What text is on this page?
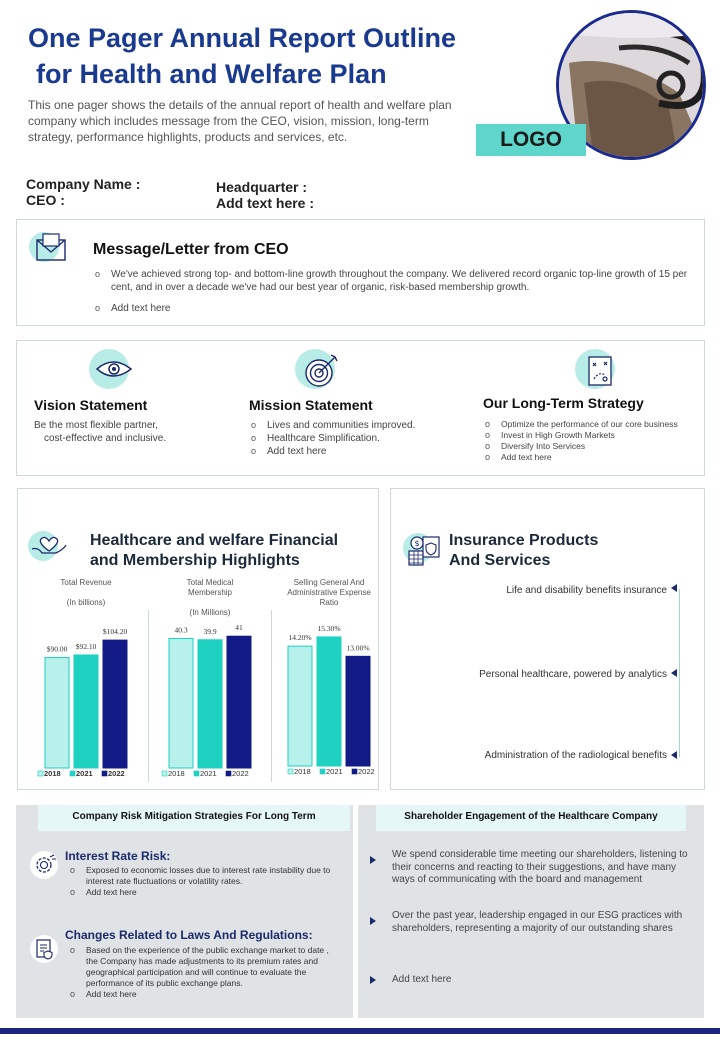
One Pager Annual Report Outline
for Health and Welfare Plan
This one pager shows the details of the annual report of health and welfare plan company which includes message from the CEO, vision, mission, long-term strategy, performance highlights, products and services, etc.	LOGO
Company Name :
CEO :
Headquarter :
Add text here :
Message/Letter from CEO
o We've achieved strong top- and bottom-line growth throughout the company. We delivered record organic top-line growth of 15 per cent, and in over a decade we've had our best year of organic, risk-based membership growth.
o Add text here
Vision Statement
Be the most flexible partner,
cost-effective and inclusive.
Mission Statement
o Lives and communities improved.
o Healthcare Simplification.
o Add text here
Our Long-Term Strategy
o Optimize the performance of our core business
o Invest in High Growth Markets
o Diversify Into Services
o Add text here
Healthcare and welfare Financial
and Membership Highlights
Total Revenue
(In billions)
$90.00 $92.10
$104.20
2018 2021 2022
Total Medical
Membership
(In Millions)
40.3 39.9 41
2018 2021 2022
Selling General And
Administrative Expense
Ratio
14.20%
15.30%
13.00%
2018 2021 2022
$ Insurance Products
And Services
Life and disability benefits insurance
Personal healthcare, powered by analytics
Administration of the radiological benefits
Company Risk Mitigation Strategies For Long Term
Interest Rate Risk:
o Exposed to economic losses due to interest rate instability due to interest rate fluctuations or volatility rates.
o Add text here
Changes Related to Laws And Regulations:
o Based on the experience of the public exchange market to date , the Company has made adjustments to its premium rates and geographical participation and will continue to evaluate the performance of its public exchange plans.
o Add text here
Shareholder Engagement of the Healthcare Company
We spend considerable time meeting our shareholders, listening to their concerns and reacting to their suggestions, and have many ways of communicating with the board and management
Over the past year, leadership engaged in our ESG practices with shareholders, representing a majority of our outstanding shares
Add text here
